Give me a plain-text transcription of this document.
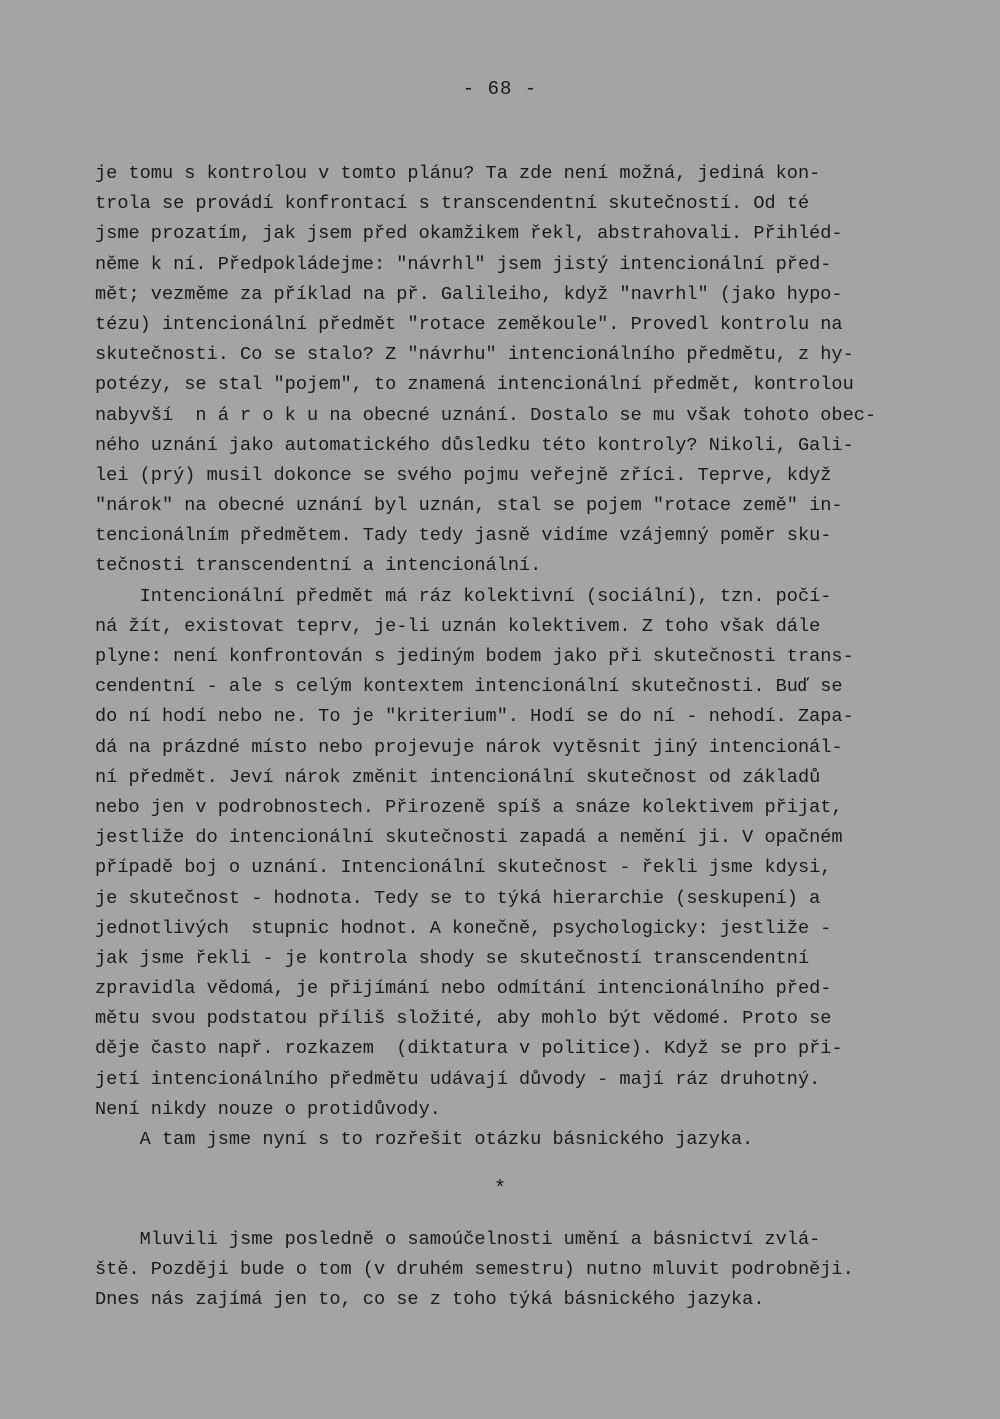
- 68 -
je tomu s kontrolou v tomto plánu? Ta zde není možná, jediná kon-
trola se provádí konfrontací s transcendentní skutečností. Od té
jsme prozatím, jak jsem před okamžikem řekl, abstrahovali. Přihléd-
něme k ní. Předpokládejme: "návrhl" jsem jistý intencionální před-
mět; vezměme za příklad na př. Galileiho, když "navrhl" (jako hypo-
tézu) intencionální předmět "rotace zeměkoule". Provedl kontrolu na
skutečnosti. Co se stalo? Z "návrhu" intencionálního předmětu, z hy-
potézy, se stal "pojem", to znamená intencionální předmět, kontrolou
nabyvší  n á r o k u na obecné uznání. Dostalo se mu však tohoto obec-
ného uznání jako automatického důsledku této kontroly? Nikoli, Gali-
lei (prý) musil dokonce se svého pojmu veřejně zříci. Teprve, když
"nárok" na obecné uznání byl uznán, stal se pojem "rotace země" in-
tencionálním předmětem. Tady tedy jasně vidíme vzájemný poměr sku-
tečnosti transcendentní a intencionální.
Intencionální předmět má ráz kolektivní (sociální), tzn. počí-
ná žít, existovat teprv, je-li uznán kolektivem. Z toho však dále
plyne: není konfrontován s jediným bodem jako při skutečnosti trans-
cendentní - ale s celým kontextem intencionální skutečnosti. Buď se
do ní hodí nebo ne. To je "kriterium". Hodí se do ní - nehodí. Zapa-
dá na prázdné místo nebo projevuje nárok vytěsnit jiný intencionál-
ní předmět. Jeví nárok změnit intencionální skutečnost od základů
nebo jen v podrobnostech. Přirozeně spíš a snáze kolektivem přijat,
jestliže do intencionální skutečnosti zapadá a nemění ji. V opačném
případě boj o uznání. Intencionální skutečnost - řekli jsme kdysi,
je skutečnost - hodnota. Tedy se to týká hierarchie (seskupení) a
jednotlivých  stupnic hodnot. A konečně, psychologicky: jestliže -
jak jsme řekli - je kontrola shody se skutečností transcendentní
zpravidla vědomá, je přijímání nebo odmítání intencionálního před-
mětu svou podstatou příliš složité, aby mohlo být vědomé. Proto se
děje často např. rozkazem  (diktatura v politice). Když se pro při-
jetí intencionálního předmětu udávají důvody - mají ráz druhotný.
Není nikdy nouze o protidůvody.
A tam jsme nyní s to rozřešit otázku básnického jazyka.
*
Mluvili jsme posledně o samoúčelnosti umění a básnictví zvlá-
ště. Později bude o tom (v druhém semestru) nutno mluvit podrobněji.
Dnes nás zajímá jen to, co se z toho týká básnického jazyka.
